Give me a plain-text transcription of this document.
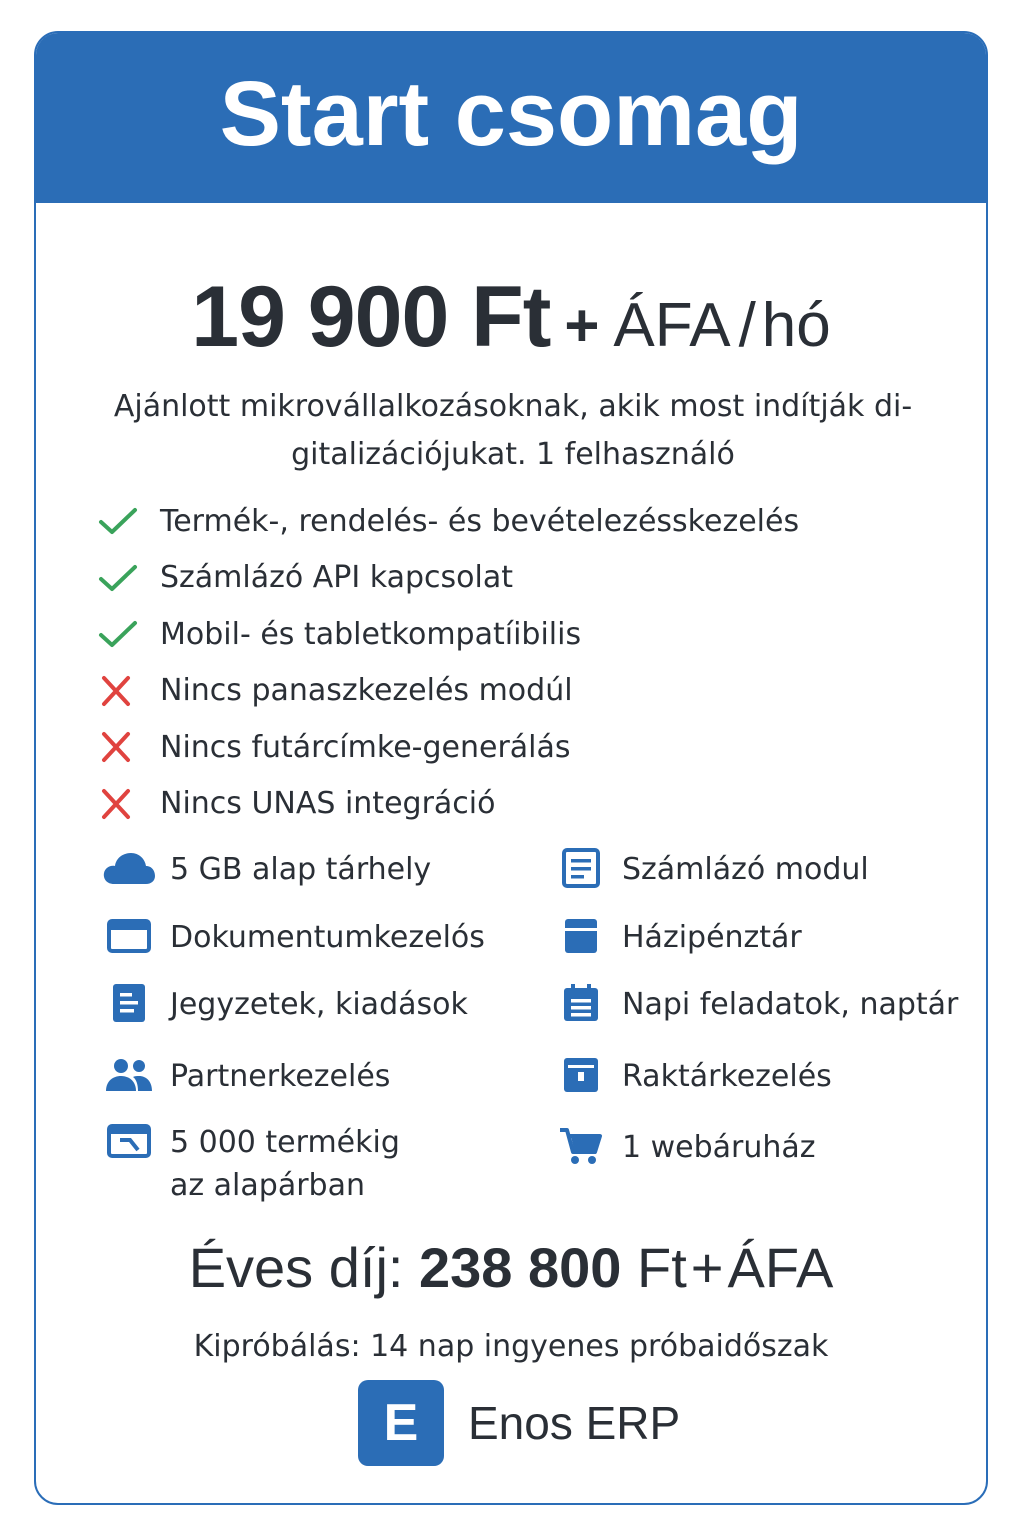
Start csomag
19 900 Ft + ÁFA /hó
Ajánlott mikrovállalkozásoknak, akik most indítják di-
gitalizációjukat. 1 felhasználó
Termék-, rendelés- és bevételezésskezelés
Számlázó API kapcsolat
Mobil- és tabletkompatíibilis
Nincs panaszkezelés modúl
Nincs futárcímke-generálás
Nincs UNAS integráció
5 GB alap tárhely
Dokumentumkezelós
Jegyzetek, kiadások
Partnerkezelés
5 000 termékig
az alapárban
Számlázó modul
Házipénztár
Napi feladatok, naptár
Raktárkezelés
1 webáruház
Éves díj: 238 800 Ft+ÁFA
Kipróbálás: 14 nap ingyenes próbaidőszak
E	Enos ERP
